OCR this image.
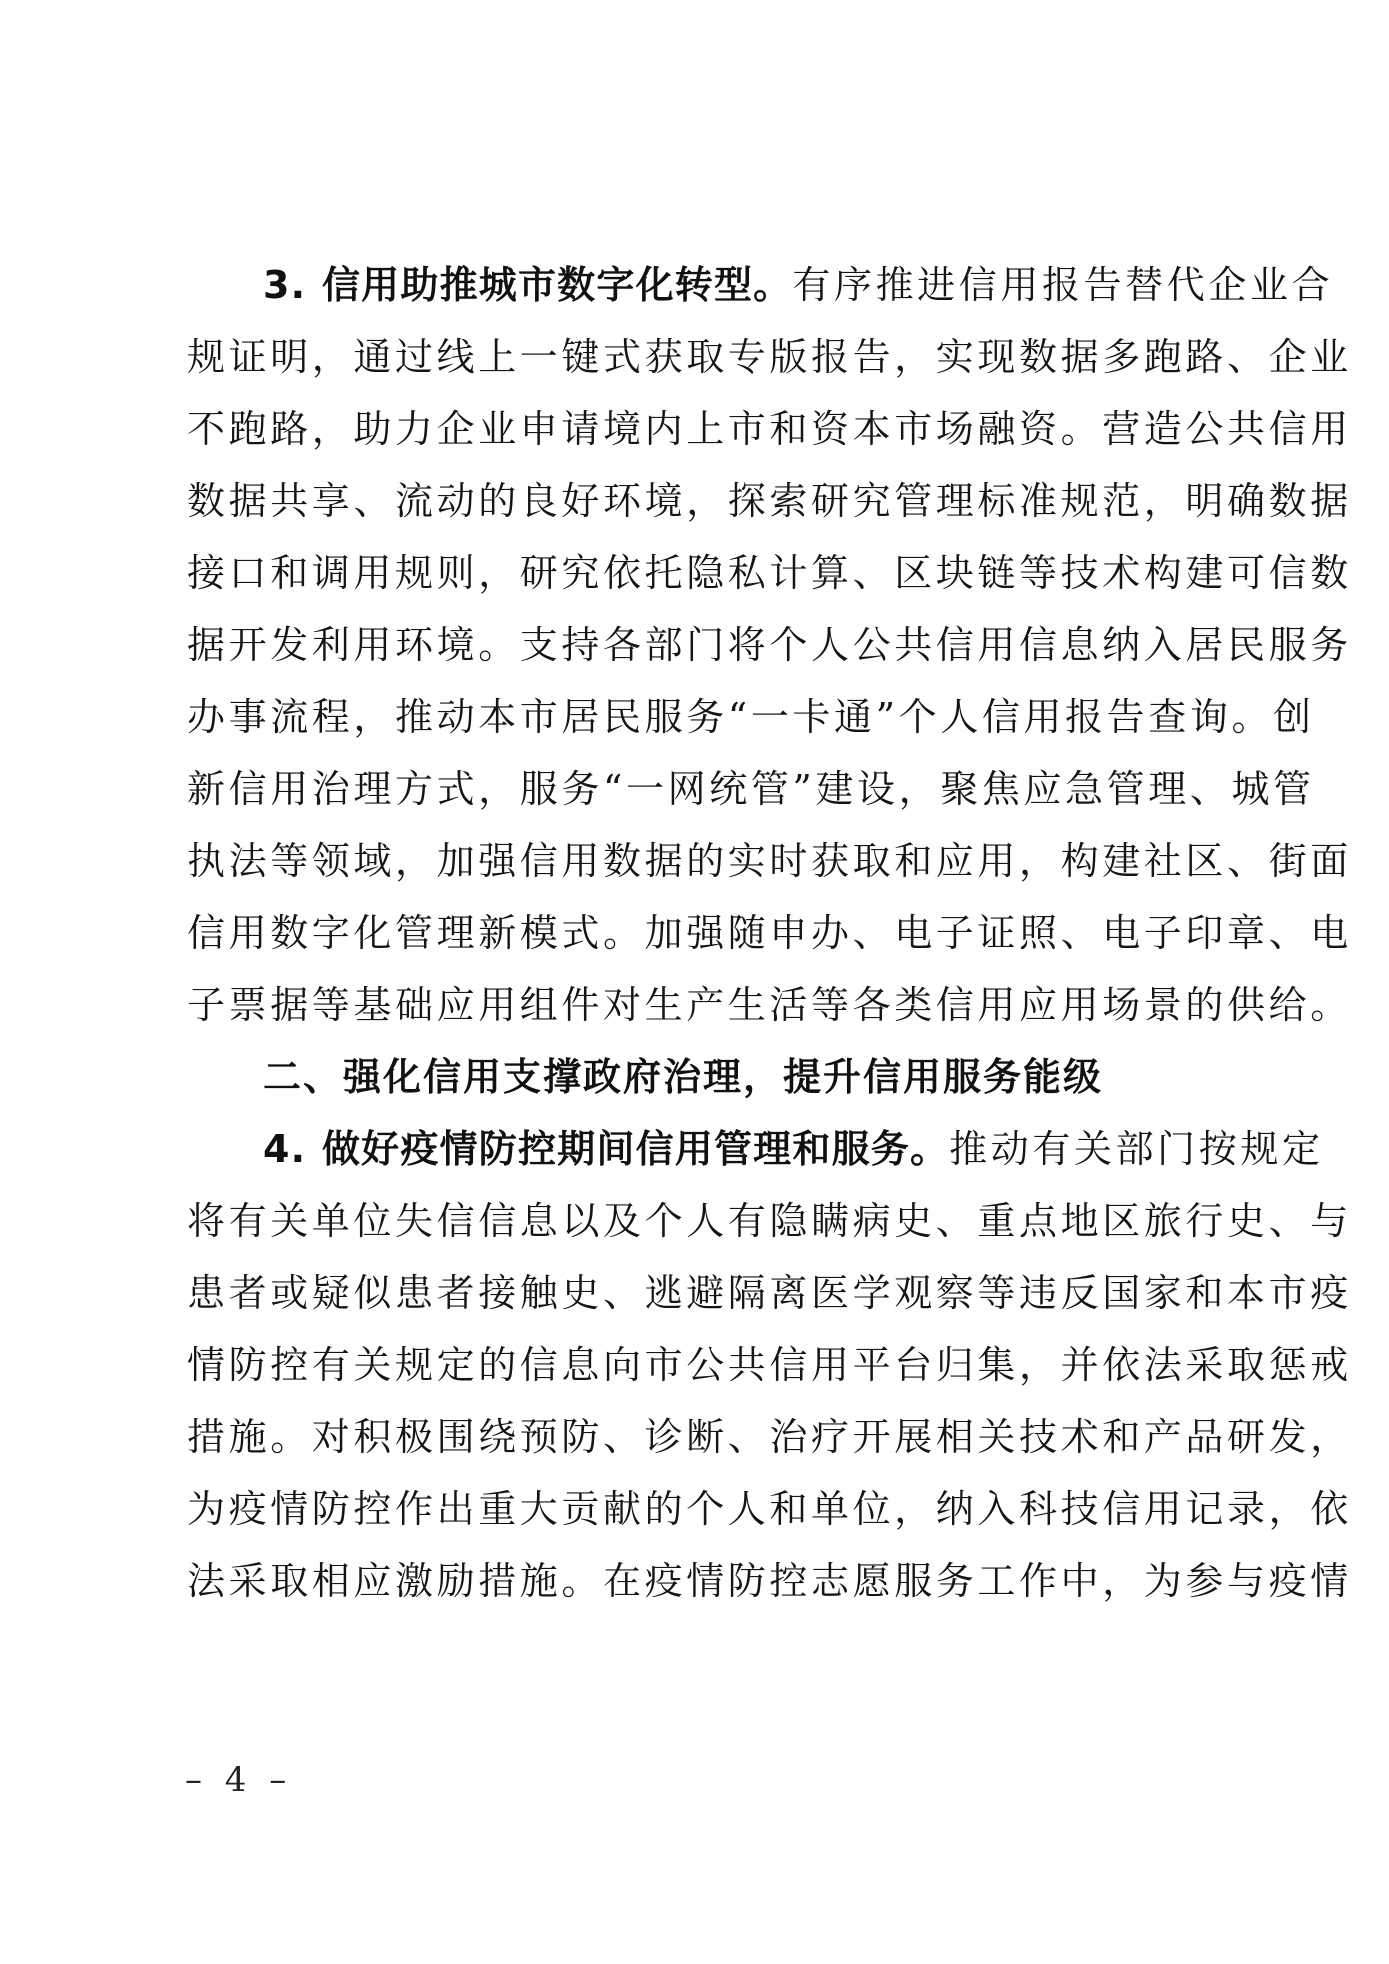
3. 信用助推城市数字化转型。有序推进信用报告替代企业合
规证明，通过线上一键式获取专版报告，实现数据多跑路、企业
不跑路，助力企业申请境内上市和资本市场融资。营造公共信用
数据共享、流动的良好环境，探索研究管理标准规范，明确数据
接口和调用规则，研究依托隐私计算、区块链等技术构建可信数
据开发利用环境。支持各部门将个人公共信用信息纳入居民服务
办事流程，推动本市居民服务“一卡通”个人信用报告查询。创
新信用治理方式，服务“一网统管”建设，聚焦应急管理、城管
执法等领域，加强信用数据的实时获取和应用，构建社区、街面
信用数字化管理新模式。加强随申办、电子证照、电子印章、电
子票据等基础应用组件对生产生活等各类信用应用场景的供给。
二、强化信用支撑政府治理，提升信用服务能级
4. 做好疫情防控期间信用管理和服务。推动有关部门按规定
将有关单位失信信息以及个人有隐瞒病史、重点地区旅行史、与
患者或疑似患者接触史、逃避隔离医学观察等违反国家和本市疫
情防控有关规定的信息向市公共信用平台归集，并依法采取惩戒
措施。对积极围绕预防、诊断、治疗开展相关技术和产品研发，
为疫情防控作出重大贡献的个人和单位，纳入科技信用记录，依
法采取相应激励措施。在疫情防控志愿服务工作中，为参与疫情
– 4 –
